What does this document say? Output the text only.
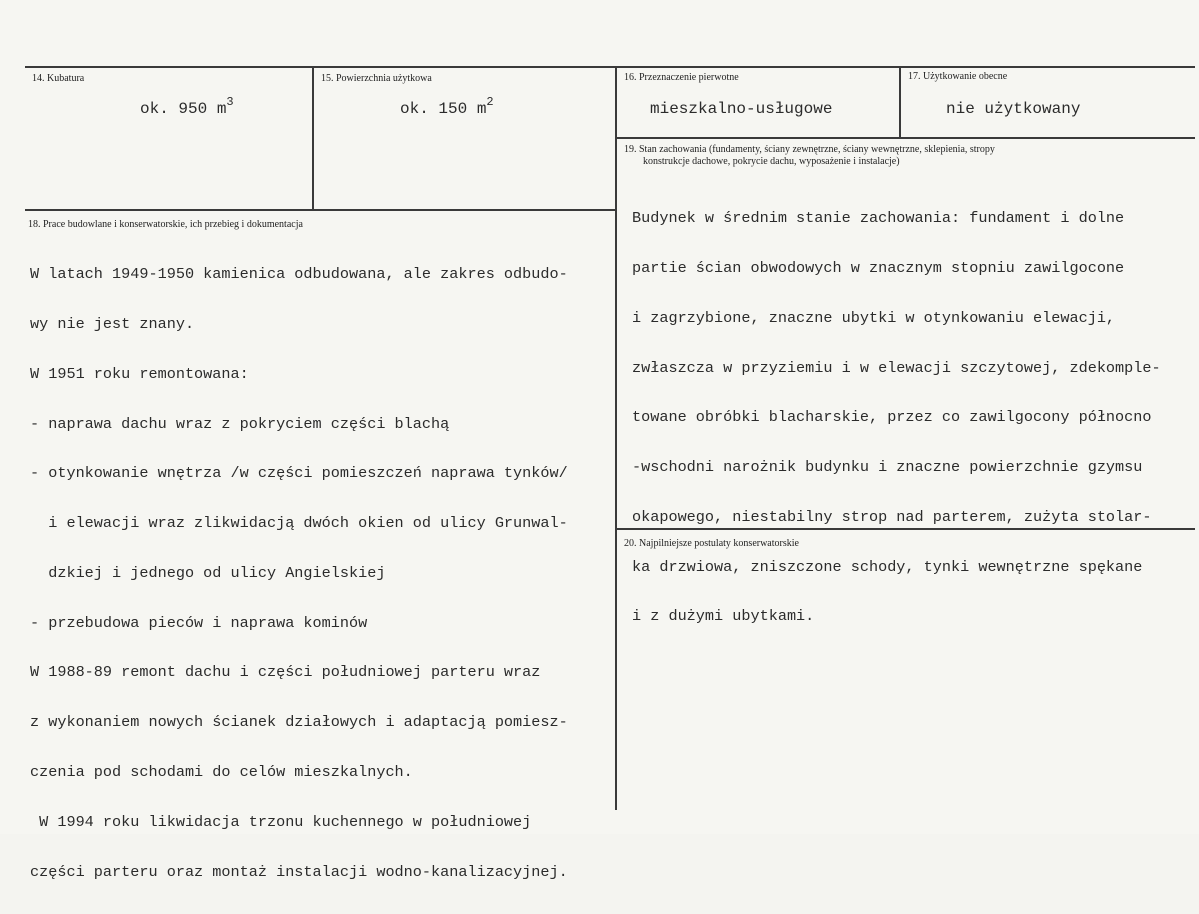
14. Kubatura
ok. 950 $m^3$
15. Powierzchnia użytkowa
ok. 150 $m^2$
16. Przeznaczenie pierwotne
mieszkalno-usługowe
17. Użytkowanie obecne
nie użytkowany
18. Prace budowlane i konserwatorskie, ich przebieg i dokumentacja

W latach 1949-1950 kamienica odbudowana, ale zakres odbudo-

wy nie jest znany.

W 1951 roku remontowana:

- naprawa dachu wraz z pokryciem części blachą

- otynkowanie wnętrza /w części pomieszczeń naprawa tynków/

i elewacji wraz zlikwidacją dwóch okien od ulicy Grunwal-

dzkiej i jednego od ulicy Angielskiej

- przebudowa pieców i naprawa kominów

W 1988-89 remont dachu i części południowej parteru wraz

z wykonaniem nowych ścianek działowych i adaptacją pomiesz-

czenia pod schodami do celów mieszkalnych.

W 1994 roku likwidacja trzonu kuchennego w południowej

części parteru oraz montaż instalacji wodno-kanalizacyjnej.

19. Stan zachowania (fundamenty, ściany zewnętrzne, ściany wewnętrzne, sklepienia, stropy
konstrukcje dachowe, pokrycie dachu, wyposażenie i instalacje)

Budynek w średnim stanie zachowania: fundament i dolne

partie ścian obwodowych w znacznym stopniu zawilgocone

i zagrzybione, znaczne ubytki w otynkowaniu elewacji,

zwłaszcza w przyziemiu i w elewacji szczytowej, zdekomple-

towane obróbki blacharskie, przez co zawilgocony północno

-wschodni narożnik budynku i znaczne powierzchnie gzymsu

okapowego, niestabilny strop nad parterem, zużyta stolar-

ka drzwiowa, zniszczone schody, tynki wewnętrzne spękane

i z dużymi ubytkami.

20. Najpilniejsze postulaty konserwatorskie
